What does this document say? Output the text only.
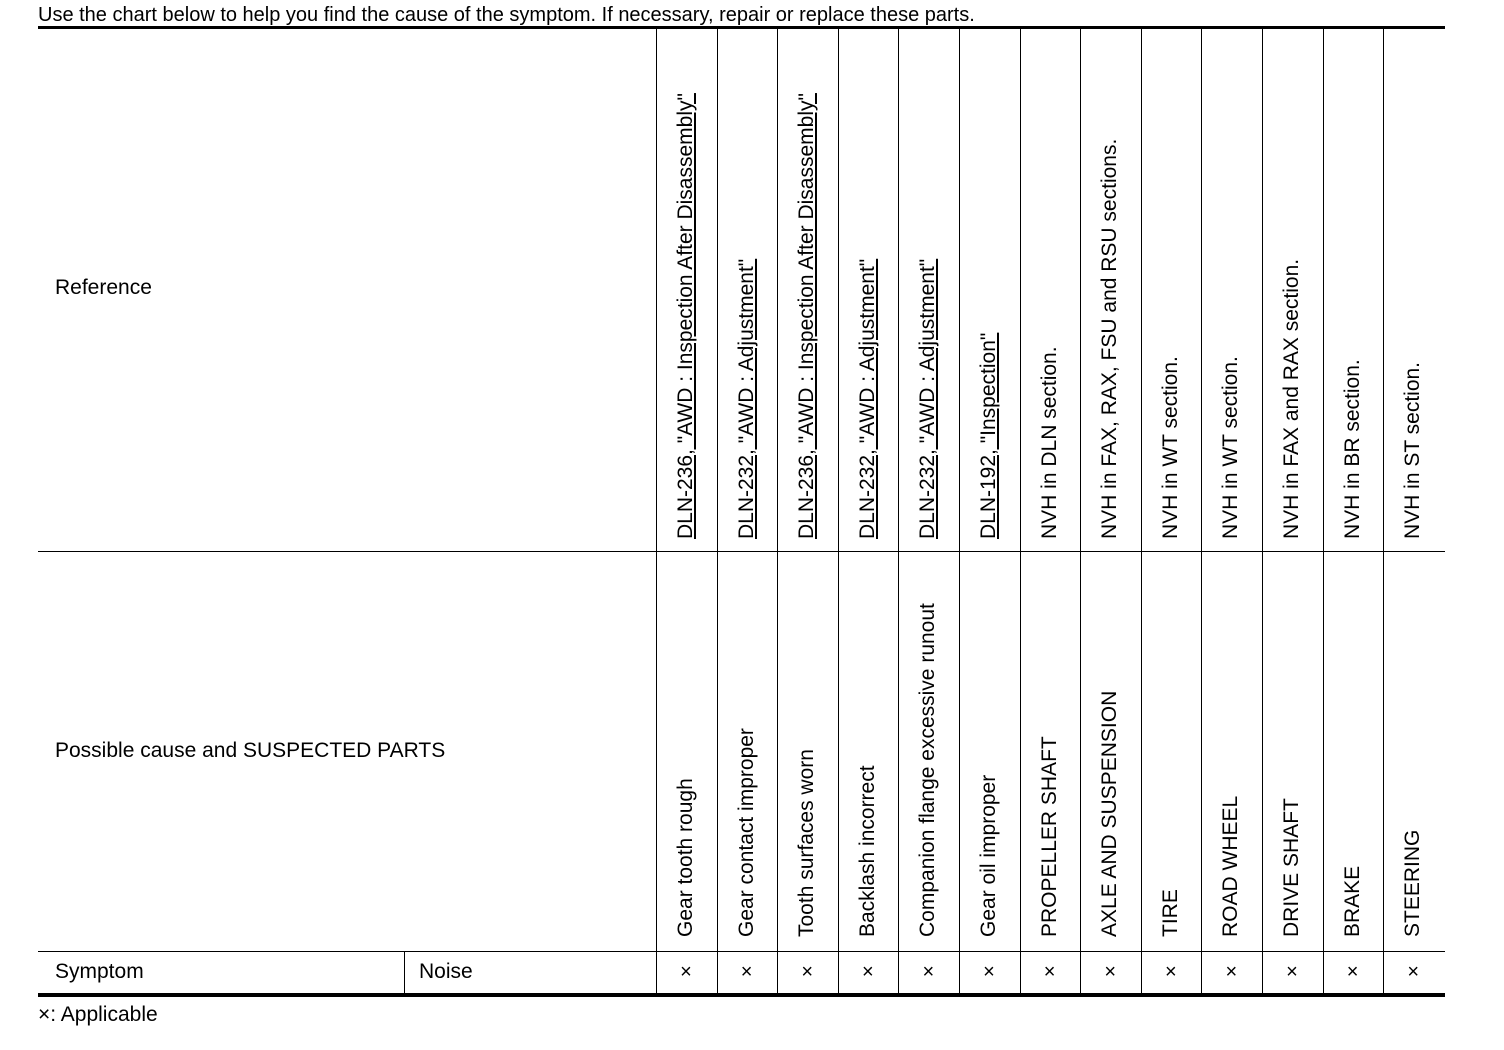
Use the chart below to help you find the cause of the symptom. If necessary, repair or replace these parts.
Reference
Possible cause and SUSPECTED PARTS
Symptom	Noise
DLN-236, "AWD : Inspection After Disassembly"
Gear tooth rough
×
DLN-232, "AWD : Adjustment"
Gear contact improper
×
DLN-236, "AWD : Inspection After Disassembly"
Tooth surfaces worn
×
DLN-232, "AWD : Adjustment"
Backlash incorrect
×
DLN-232, "AWD : Adjustment"
Companion flange excessive runout
×
DLN-192, "Inspection"
Gear oil improper
×
NVH in DLN section.
PROPELLER SHAFT
×
NVH in FAX, RAX, FSU and RSU sections.
AXLE AND SUSPENSION
×
NVH in WT section.
TIRE
×
NVH in WT section.
ROAD WHEEL
×
NVH in FAX and RAX section.
DRIVE SHAFT
×
NVH in BR section.
BRAKE
×
NVH in ST section.
STEERING
×
×: Applicable
